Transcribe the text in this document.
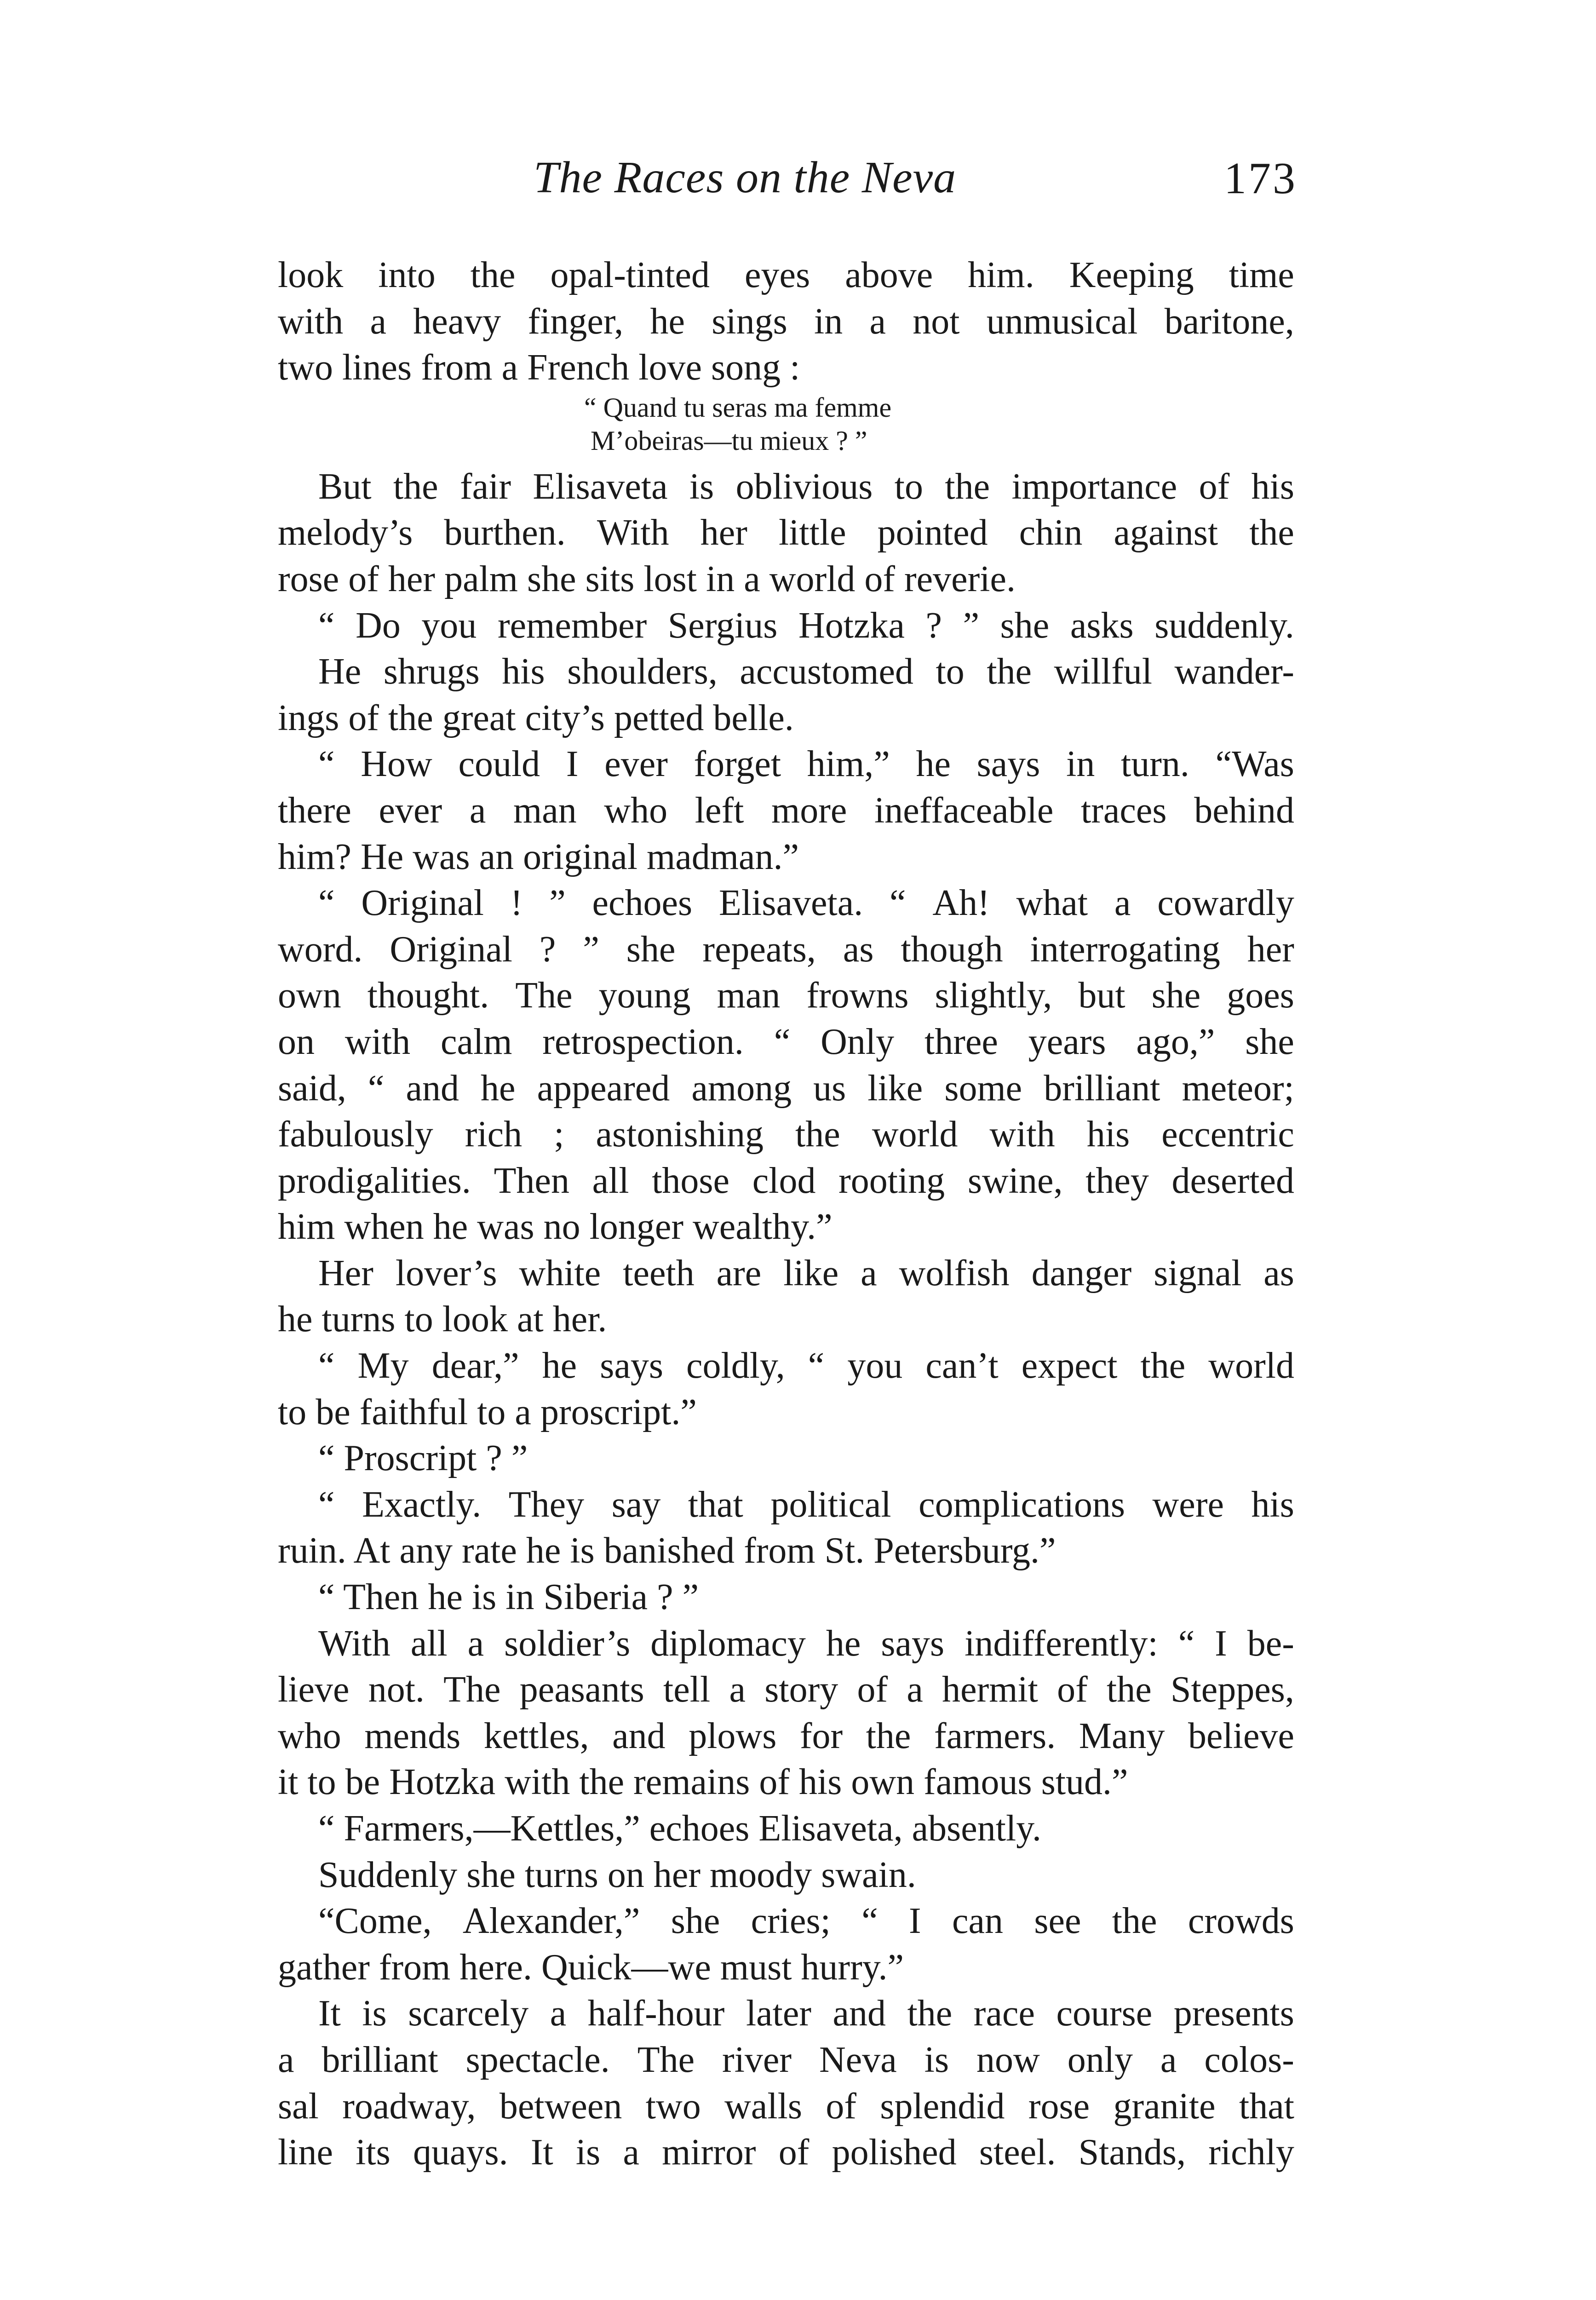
The Races on the Neva	173
look into the opal-tinted eyes above him. Keeping time
with a heavy finger, he sings in a not unmusical baritone,
two lines from a French love song :
“ Quand tu seras ma femme
M’obeiras—tu mieux ? ”
But the fair Elisaveta is oblivious to the importance of his
melody’s burthen. With her little pointed chin against the
rose of her palm she sits lost in a world of reverie.
“ Do you remember Sergius Hotzka ? ” she asks suddenly.
He shrugs his shoulders, accustomed to the willful wander-
ings of the great city’s petted belle.
“ How could I ever forget him,” he says in turn. “Was
there ever a man who left more ineffaceable traces behind
him? He was an original madman.”
“ Original ! ” echoes Elisaveta. “ Ah! what a cowardly
word. Original ? ” she repeats, as though interrogating her
own thought. The young man frowns slightly, but she goes
on with calm retrospection. “ Only three years ago,” she
said, “ and he appeared among us like some brilliant meteor;
fabulously rich ; astonishing the world with his eccentric
prodigalities. Then all those clod rooting swine, they deserted
him when he was no longer wealthy.”
Her lover’s white teeth are like a wolfish danger signal as
he turns to look at her.
“ My dear,” he says coldly, “ you can’t expect the world
to be faithful to a proscript.”
“ Proscript ? ”
“ Exactly. They say that political complications were his
ruin. At any rate he is banished from St. Petersburg.”
“ Then he is in Siberia ? ”
With all a soldier’s diplomacy he says indifferently: “ I be-
lieve not. The peasants tell a story of a hermit of the Steppes,
who mends kettles, and plows for the farmers. Many believe
it to be Hotzka with the remains of his own famous stud.”
“ Farmers,—Kettles,” echoes Elisaveta, absently.
Suddenly she turns on her moody swain.
“Come, Alexander,” she cries; “ I can see the crowds
gather from here. Quick—we must hurry.”
It is scarcely a half-hour later and the race course presents
a brilliant spectacle. The river Neva is now only a colos-
sal roadway, between two walls of splendid rose granite that
line its quays. It is a mirror of polished steel. Stands, richly
